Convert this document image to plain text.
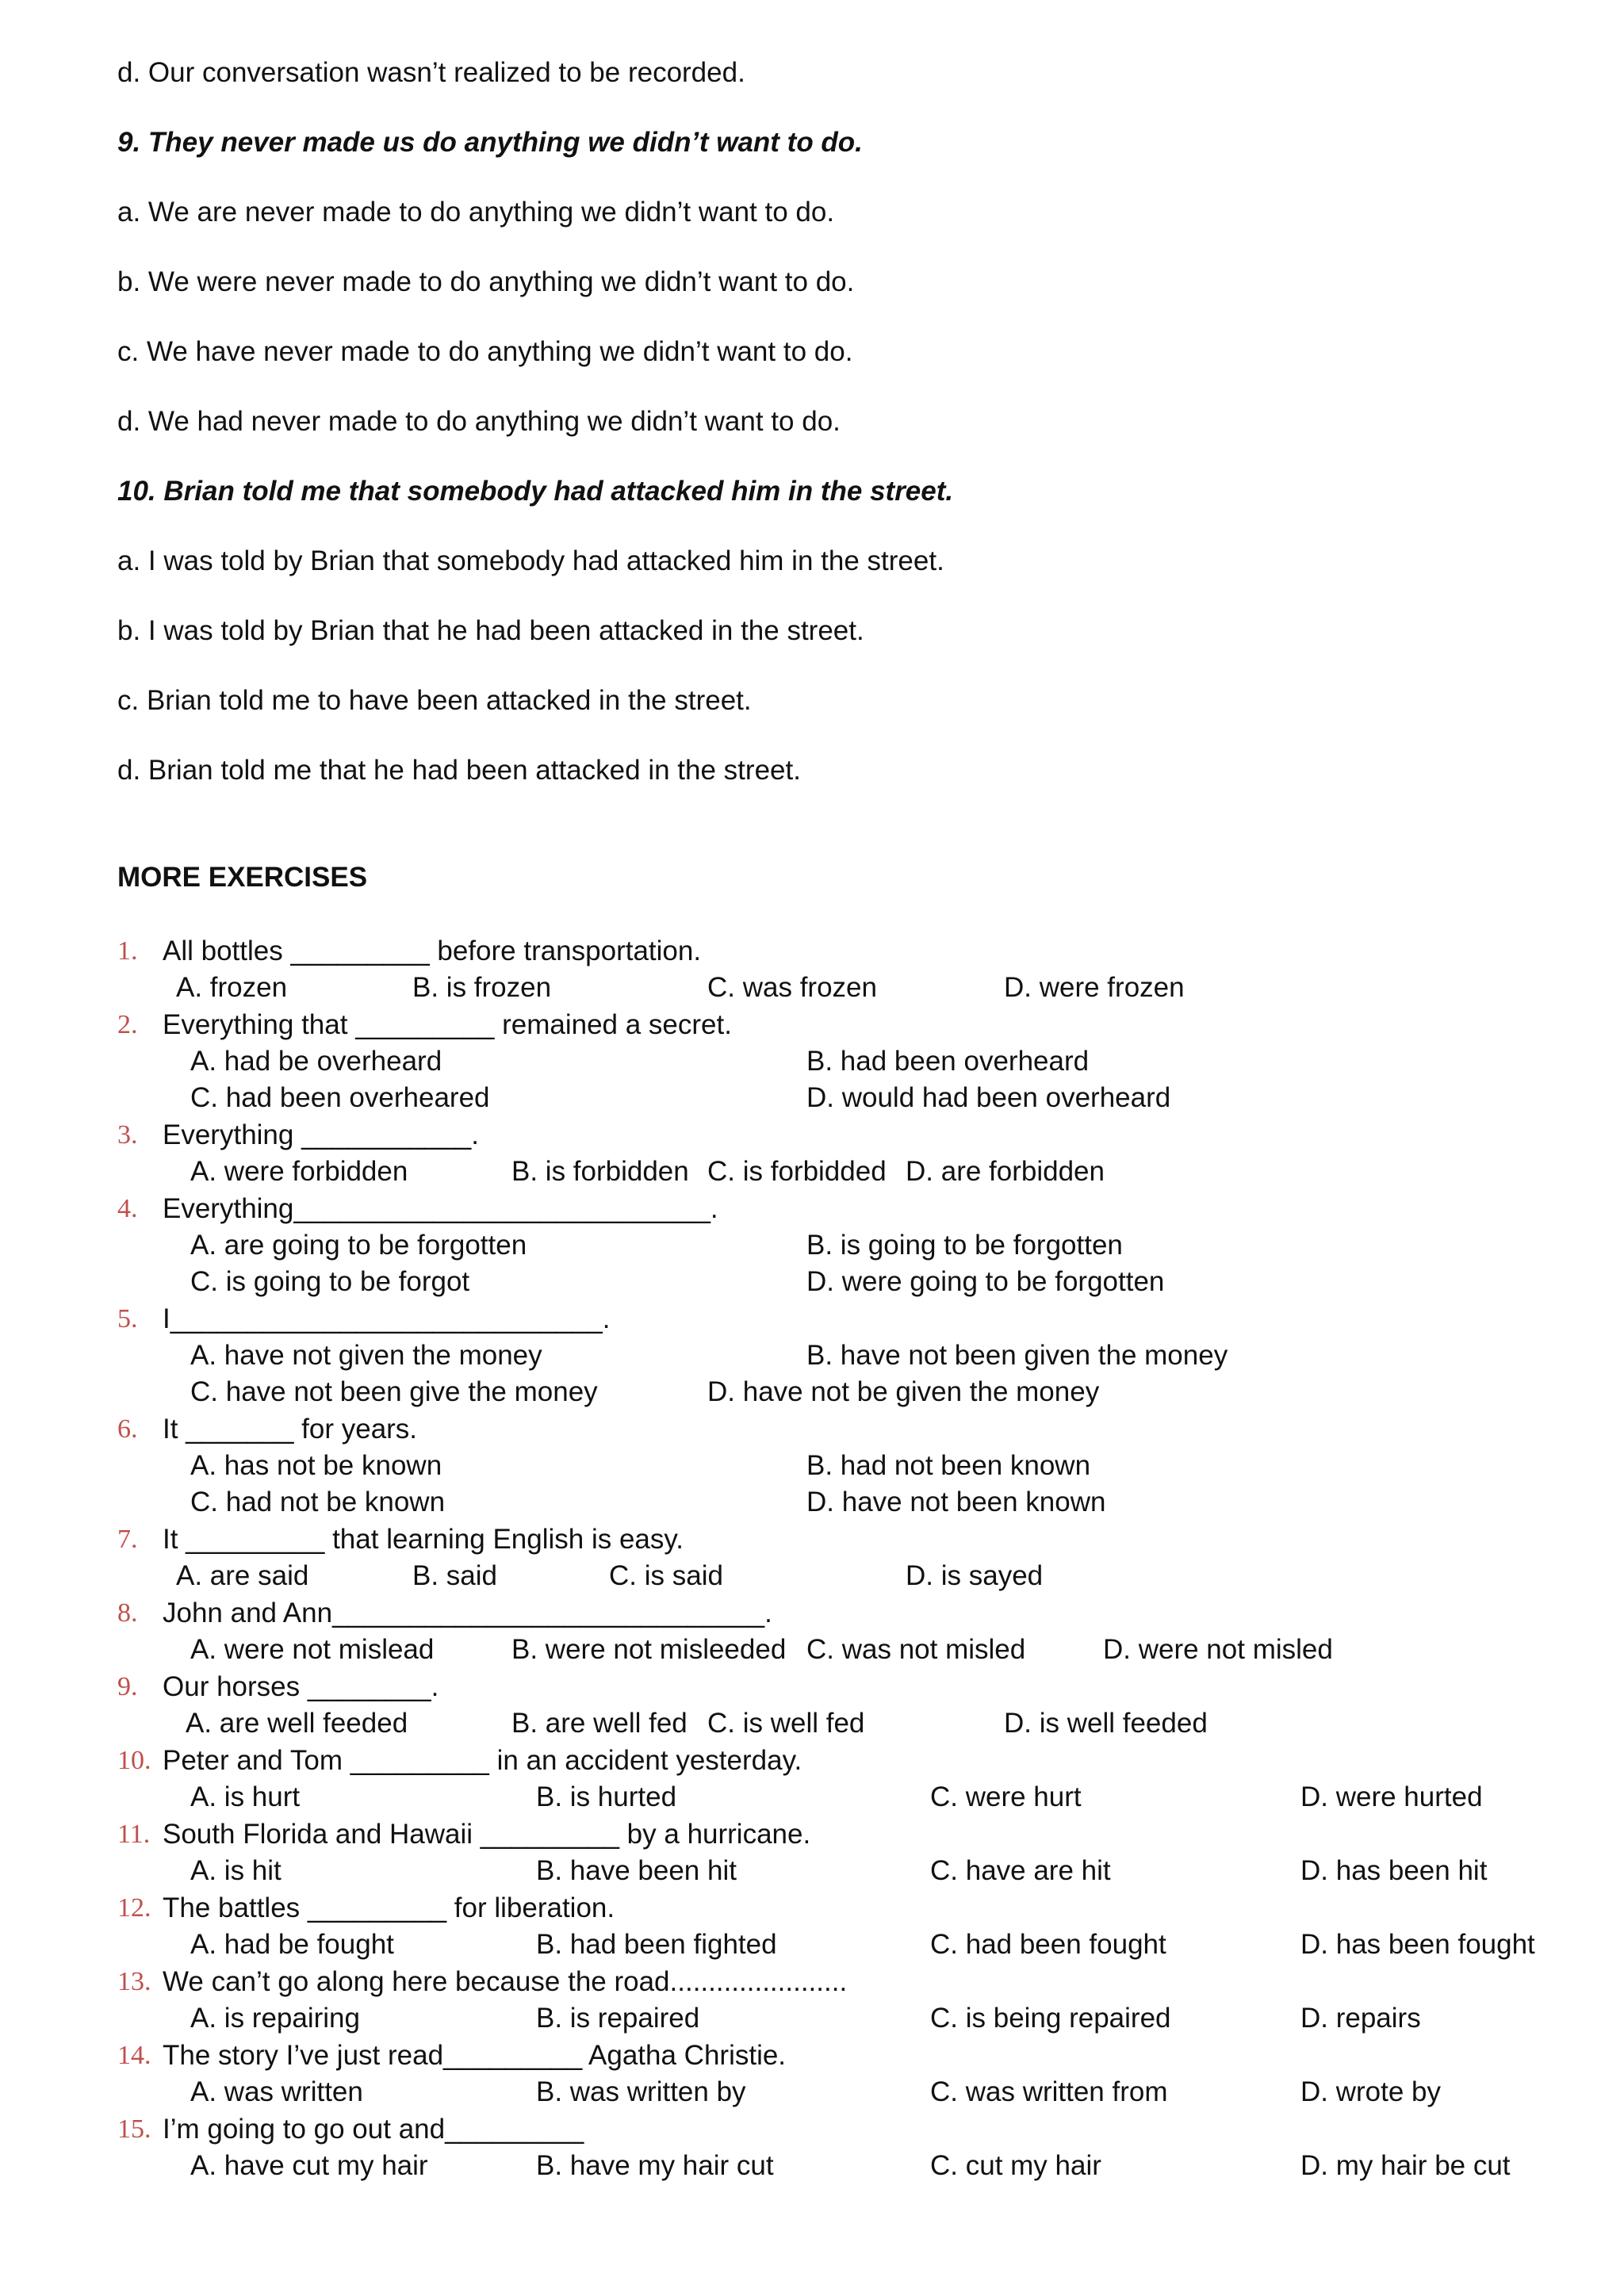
d. Our conversation wasn’t realized to be recorded.
9. They never made us do anything we didn’t want to do.
a. We are never made to do anything we didn’t want to do.
b. We were never made to do anything we didn’t want to do.
c. We have never made to do anything we didn’t want to do.
d. We had never made to do anything we didn’t want to do.
10. Brian told me that somebody had attacked him in the street.
a. I was told by Brian that somebody had attacked him in the street.
b. I was told by Brian that he had been attacked in the street.
c. Brian told me to have been attacked in the street.
d. Brian told me that he had been attacked in the street.
MORE EXERCISES
1. All bottles _________ before transportation.
A. frozen	B. is frozen	C. was frozen	D. were frozen
2. Everything that _________ remained a secret.
A. had be overheard	B. had been overheard
C. had been overheared	D. would had been overheard
3. Everything ___________.
A. were forbidden	B. is forbidden C. is forbidded D. are forbidden
4. Everything___________________________.
A. are going to be forgotten	B. is going to be forgotten
C. is going to be forgot	D. were going to be forgotten
5. I____________________________.
A. have not given the money	B. have not been given the money
C. have not been give the money	D. have not be given the money
6. It _______ for years.
A. has not be known	B. had not been known
C. had not be known	D. have not been known
7. It _________ that learning English is easy.
A. are said	B. said	C. is said	D. is sayed
8. John and Ann____________________________.
A. were not mislead	B. were not misleeded C. was not misled	D. were not misled
9. Our horses ________.
A. are well feeded	B. are well fed C. is well fed	D. is well feeded
10. Peter and Tom _________ in an accident yesterday.
A. is hurt	B. is hurted	C. were hurt	D. were hurted
11. South Florida and Hawaii _________ by a hurricane.
A. is hit	B. have been hit	C. have are hit	D. has been hit
12. The battles _________ for liberation.
A. had be fought	B. had been fighted	C. had been fought	D. has been fought
13. We can’t go along here because the road.......................
A. is repairing	B. is repaired	C. is being repaired	D. repairs
14. The story I’ve just read_________ Agatha Christie.
A. was written	B. was written by	C. was written from	D. wrote by
15. I’m going to go out and_________
A. have cut my hair	B. have my hair cut	C. cut my hair	D. my hair be cut
